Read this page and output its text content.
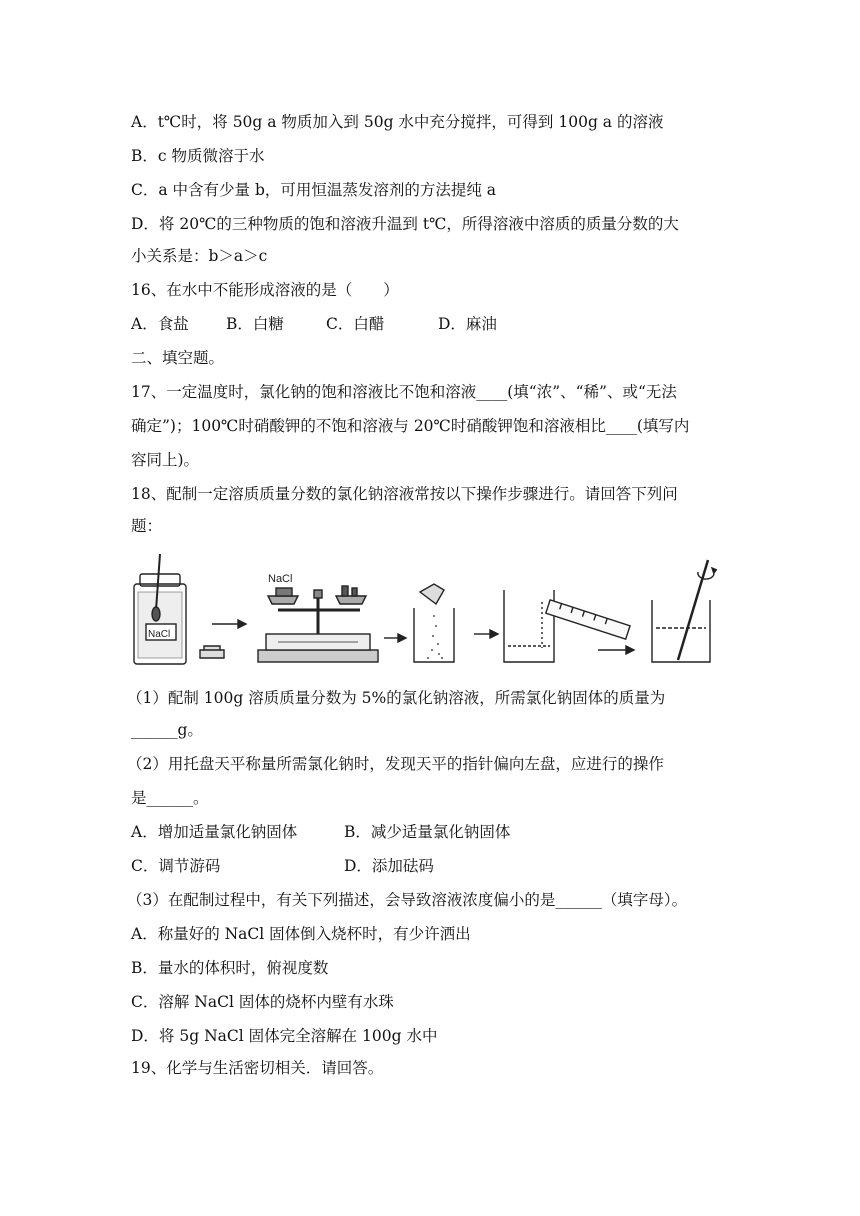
A．t℃时，将 50g a 物质加入到 50g 水中充分搅拌，可得到 100g a 的溶液
B．c 物质微溶于水
C．a 中含有少量 b，可用恒温蒸发溶剂的方法提纯 a
D．将 20℃的三种物质的饱和溶液升温到 t℃，所得溶液中溶质的质量分数的大
小关系是：b＞a＞c
16、在水中不能形成溶液的是（　　）
A．食盐 B．白糖	C．白醋	D．麻油
二、填空题。
17、一定温度时，氯化钠的饱和溶液比不饱和溶液____(填“浓”、“稀”、或“无法
确定”)；100℃时硝酸钾的不饱和溶液与 20℃时硝酸钾饱和溶液相比____(填写内
容同上)。
18、配制一定溶质质量分数的氯化钠溶液常按以下操作步骤进行。请回答下列问
题：
NaCl
NaCl
（1）配制 100g 溶质质量分数为 5%的氯化钠溶液，所需氯化钠固体的质量为
______g。
（2）用托盘天平称量所需氯化钠时，发现天平的指针偏向左盘，应进行的操作
是______。
A．增加适量氯化钠固体	B．减少适量氯化钠固体
C．调节游码	D．添加砝码
（3）在配制过程中，有关下列描述，会导致溶液浓度偏小的是______（填字母）。
A．称量好的 NaCl 固体倒入烧杯时，有少许洒出
B．量水的体积时，俯视度数
C．溶解 NaCl 固体的烧杯内壁有水珠
D．将 5g NaCl 固体完全溶解在 100g 水中
19、化学与生活密切相关．请回答。
